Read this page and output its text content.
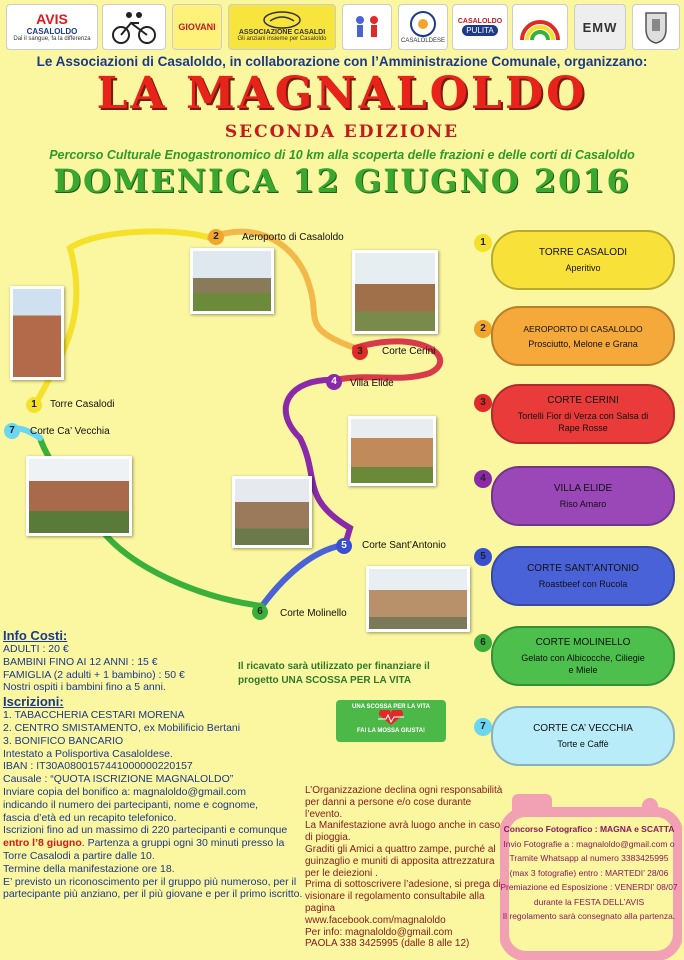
AVIS
CASALOLDO
Dai il sangue, fa la differenza
GIOVANI
ASSOCIAZIONE CASALDI
Gli anziani insieme per Casaloldo	CASALOLDESE
CASALOLDO
PULITA	EMW
Le Associazioni di Casaloldo, in collaborazione con l’Amministrazione Comunale, organizzano:
LA MAGNALOLDO
SECONDA EDIZIONE
Percorso Culturale Enogastronomico di 10 km alla scoperta delle frazioni e delle corti di Casaloldo
DOMENICA 12 GIUGNO 2016
1	Torre Casalodi
2	Aeroporto di Casaloldo
3	Corte Cerini
4	Villa Elide
5	Corte Sant’Antonio
6	Corte Molinello
7	Corte Ca’ Vecchia
1
TORRE CASALODI
Aperitivo
2	AEROPORTO DI CASALOLDO
Prosciutto, Melone e Grana
3	CORTE CERINI
Tortelli Fior di Verza con Salsa di Rape Rosse
4
VILLA ELIDE
Riso Amaro
5
CORTE SANT’ANTONIO
Roastbeef con Rucola
6	CORTE MOLINELLO
Gelato con Albicocche, Ciliegie e Miele
7	CORTE CA’ VECCHIA
Torte e Caffè
Info Costi:

ADULTI : 20 €

BAMBINI FINO AI 12 ANNI : 15 €

FAMIGLIA (2 adulti + 1 bambino) : 50 €

Nostri ospiti i bambini fino a 5 anni.

Iscrizioni:

1. TABACCHERIA CESTARI MORENA

2. CENTRO SMISTAMENTO, ex Mobilificio Bertani

3. BONIFICO BANCARIO

Intestato a Polisportiva Casaloldese.

IBAN : IT30A0800157441000000220157

Causale : “QUOTA ISCRIZIONE MAGNALOLDO”

Inviare copia del bonifico a: magnaloldo@gmail.com

indicando il numero dei partecipanti, nome e cognome,

fascia d’età ed un recapito telefonico.

Iscrizioni fino ad un massimo di 220 partecipanti e comunque entro l’8 giugno. Partenza a gruppi ogni 30 minuti presso la Torre Casalodi a partire dalle 10.

Termine della manifestazione ore 18.

E’ previsto un riconoscimento per il gruppo più numeroso, per il partecipante più anziano, per il più giovane e per il primo iscritto.

Il ricavato sarà utilizzato per finanziare il progetto UNA SCOSSA PER LA VITA
UNA SCOSSA PER LA VITA
FAI LA MOSSA GIUSTA!
L’Organizzazione declina ogni responsabilità per danni a persone e/o cose durante l’evento.
La Manifestazione avrà luogo anche in caso di pioggia.
Graditi gli Amici a quattro zampe, purché al guinzaglio e muniti di apposita attrezzatura per le deiezioni .
Prima di sottoscrivere l’adesione, si prega di visionare il regolamento consultabile alla pagina
www.facebook.com/magnaloldo
Per info: magnaloldo@gmail.com
PAOLA 338 3425995 (dalle 8 alle 12)
Concorso Fotografico : MAGNA e SCATTA
Invio Fotografie a : magnaloldo@gmail.com o
Tramite Whatsapp al numero 3383425995
(max 3 fotografie) entro : MARTEDI’ 28/06
Premiazione ed Esposizione : VENERDI’ 08/07
durante la FESTA DELL’AVIS
Il regolamento sarà consegnato alla partenza.
